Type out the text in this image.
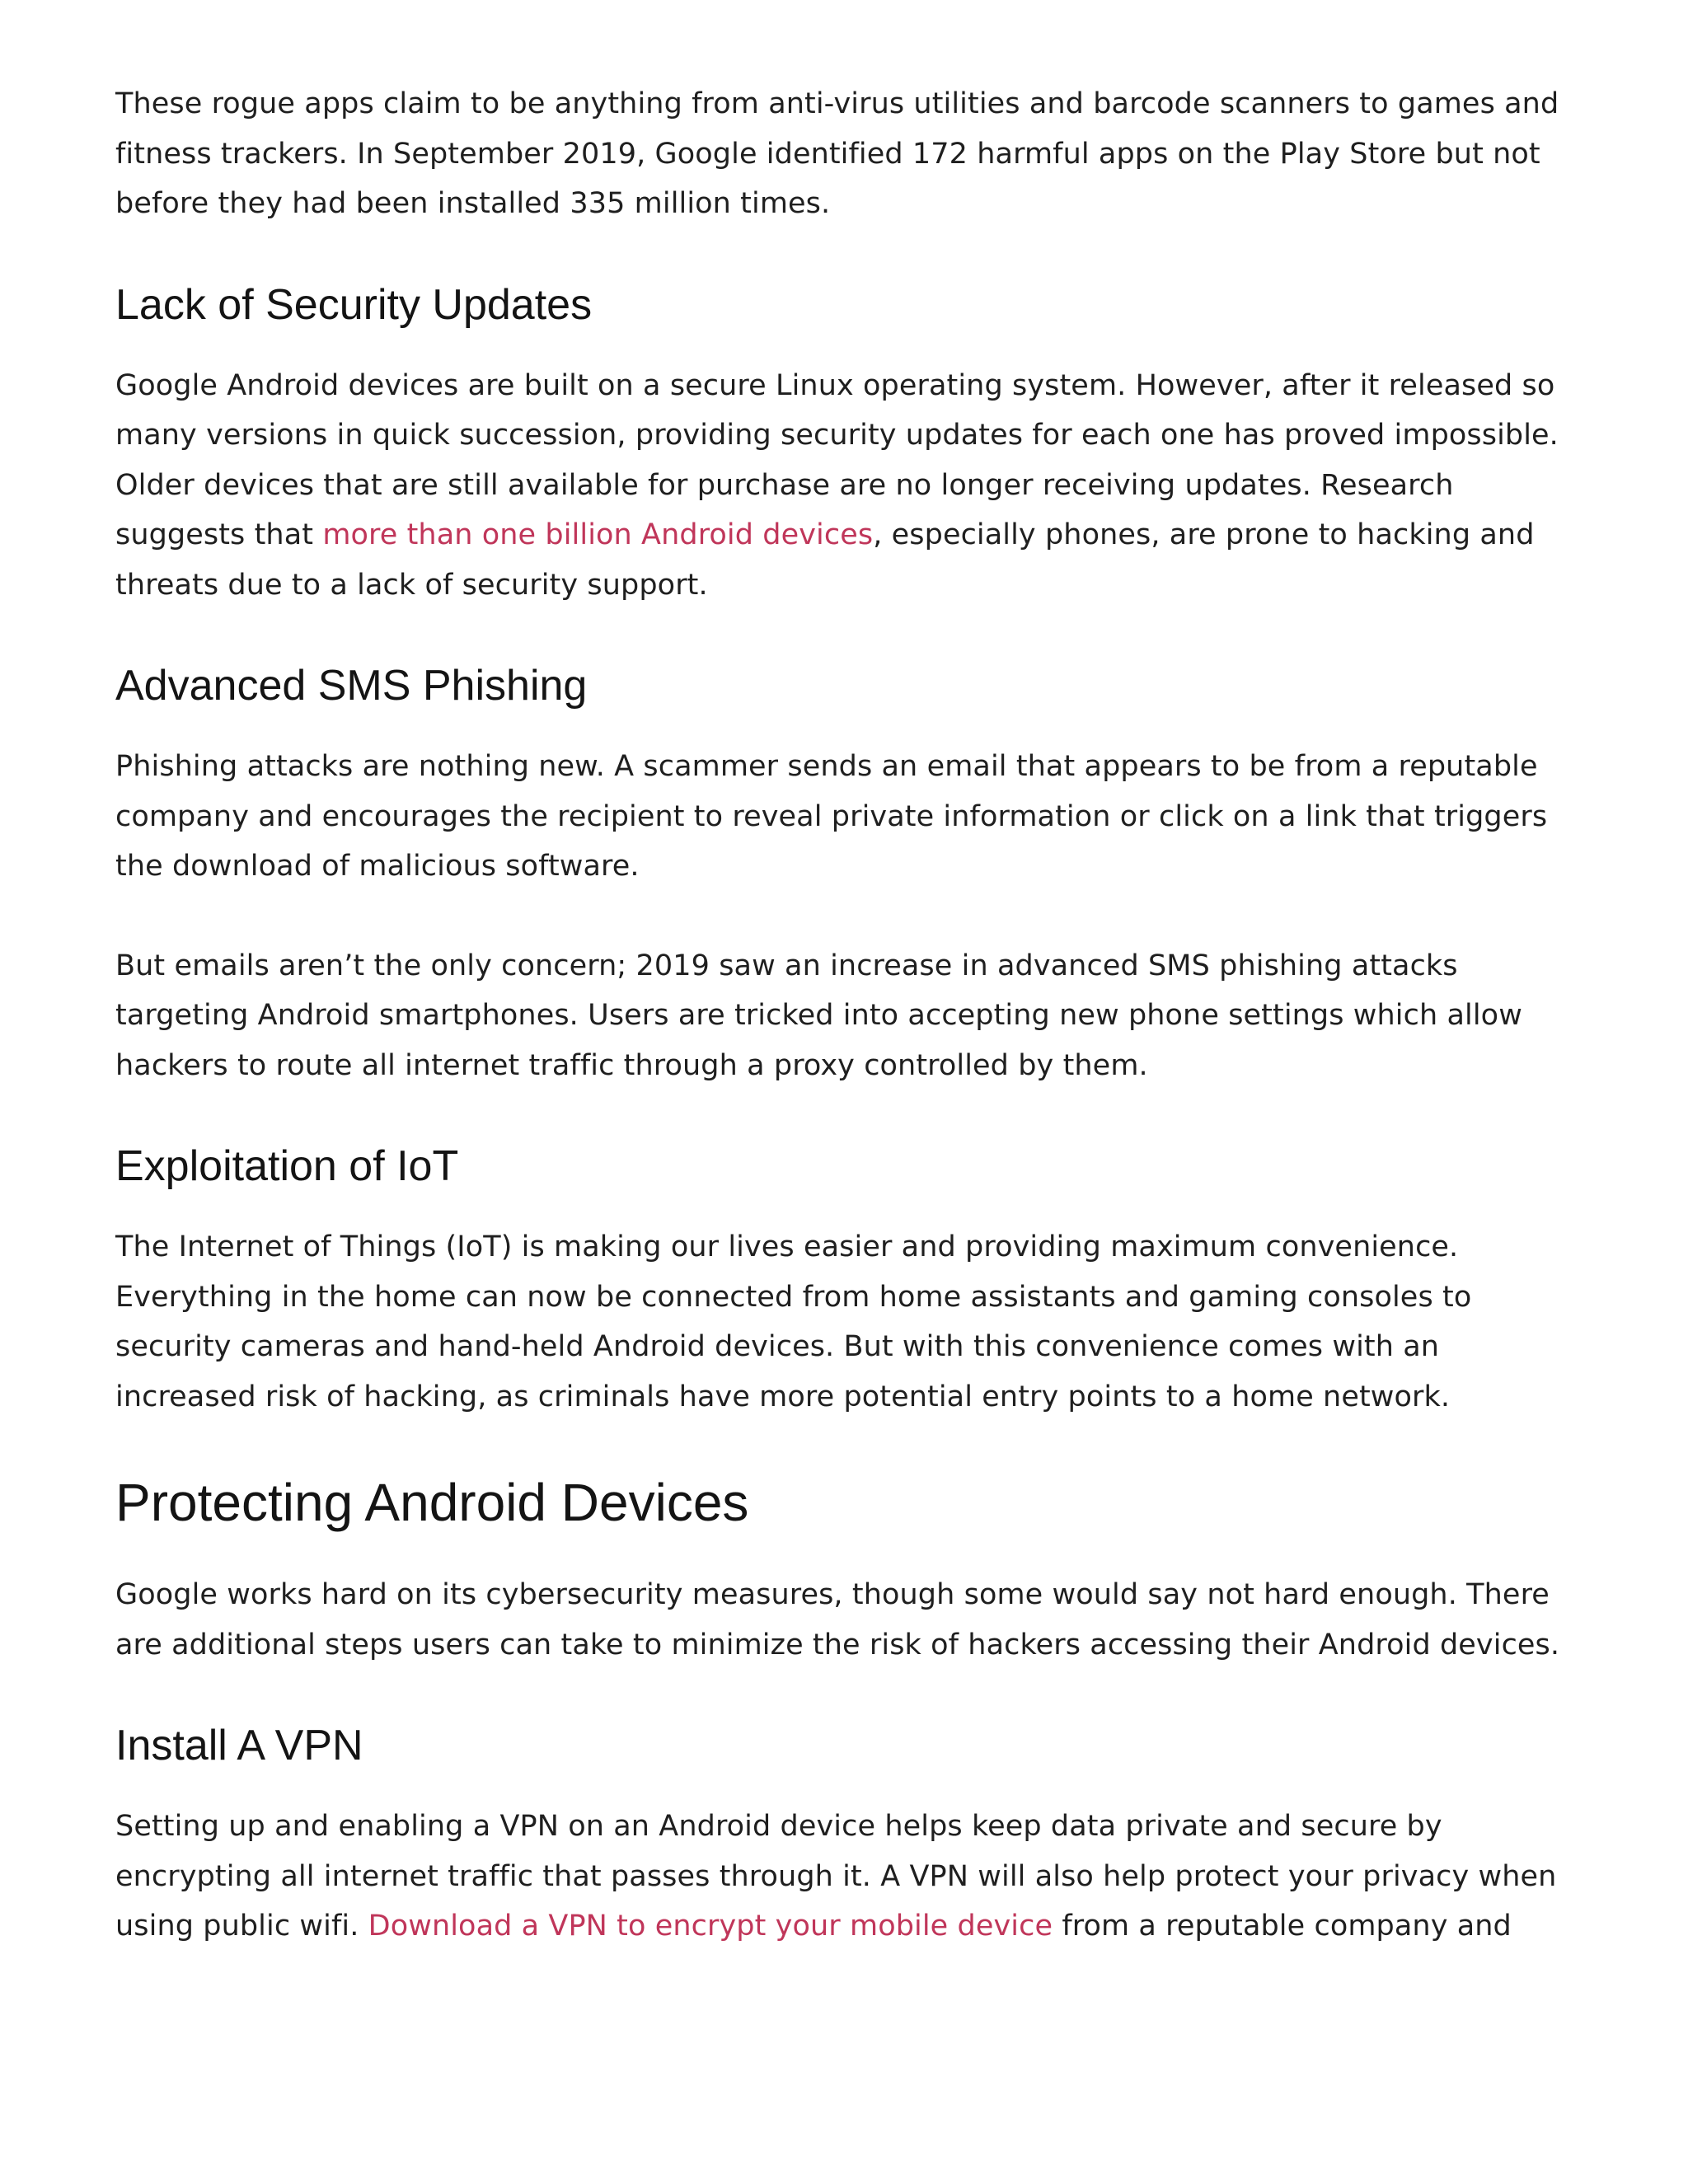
These rogue apps claim to be anything from anti-virus utilities and barcode scanners to games and fitness trackers. In September 2019, Google identified 172 harmful apps on the Play Store but not before they had been installed 335 million times.

Lack of Security Updates

Google Android devices are built on a secure Linux operating system. However, after it released so many versions in quick succession, providing security updates for each one has proved impossible. Older devices that are still available for purchase are no longer receiving updates. Research suggests that more than one billion Android devices, especially phones, are prone to hacking and threats due to a lack of security support.

Advanced SMS Phishing

Phishing attacks are nothing new. A scammer sends an email that appears to be from a reputable company and encourages the recipient to reveal private information or click on a link that triggers the download of malicious software.

But emails aren’t the only concern; 2019 saw an increase in advanced SMS phishing attacks targeting Android smartphones. Users are tricked into accepting new phone settings which allow hackers to route all internet traffic through a proxy controlled by them.

Exploitation of IoT

The Internet of Things (IoT) is making our lives easier and providing maximum convenience. Everything in the home can now be connected from home assistants and gaming consoles to security cameras and hand-held Android devices. But with this convenience comes with an increased risk of hacking, as criminals have more potential entry points to a home network.

Protecting Android Devices

Google works hard on its cybersecurity measures, though some would say not hard enough. There are additional steps users can take to minimize the risk of hackers accessing their Android devices.

Install A VPN

Setting up and enabling a VPN on an Android device helps keep data private and secure by encrypting all internet traffic that passes through it. A VPN will also help protect your privacy when using public wifi. Download a VPN to encrypt your mobile device from a reputable company and
